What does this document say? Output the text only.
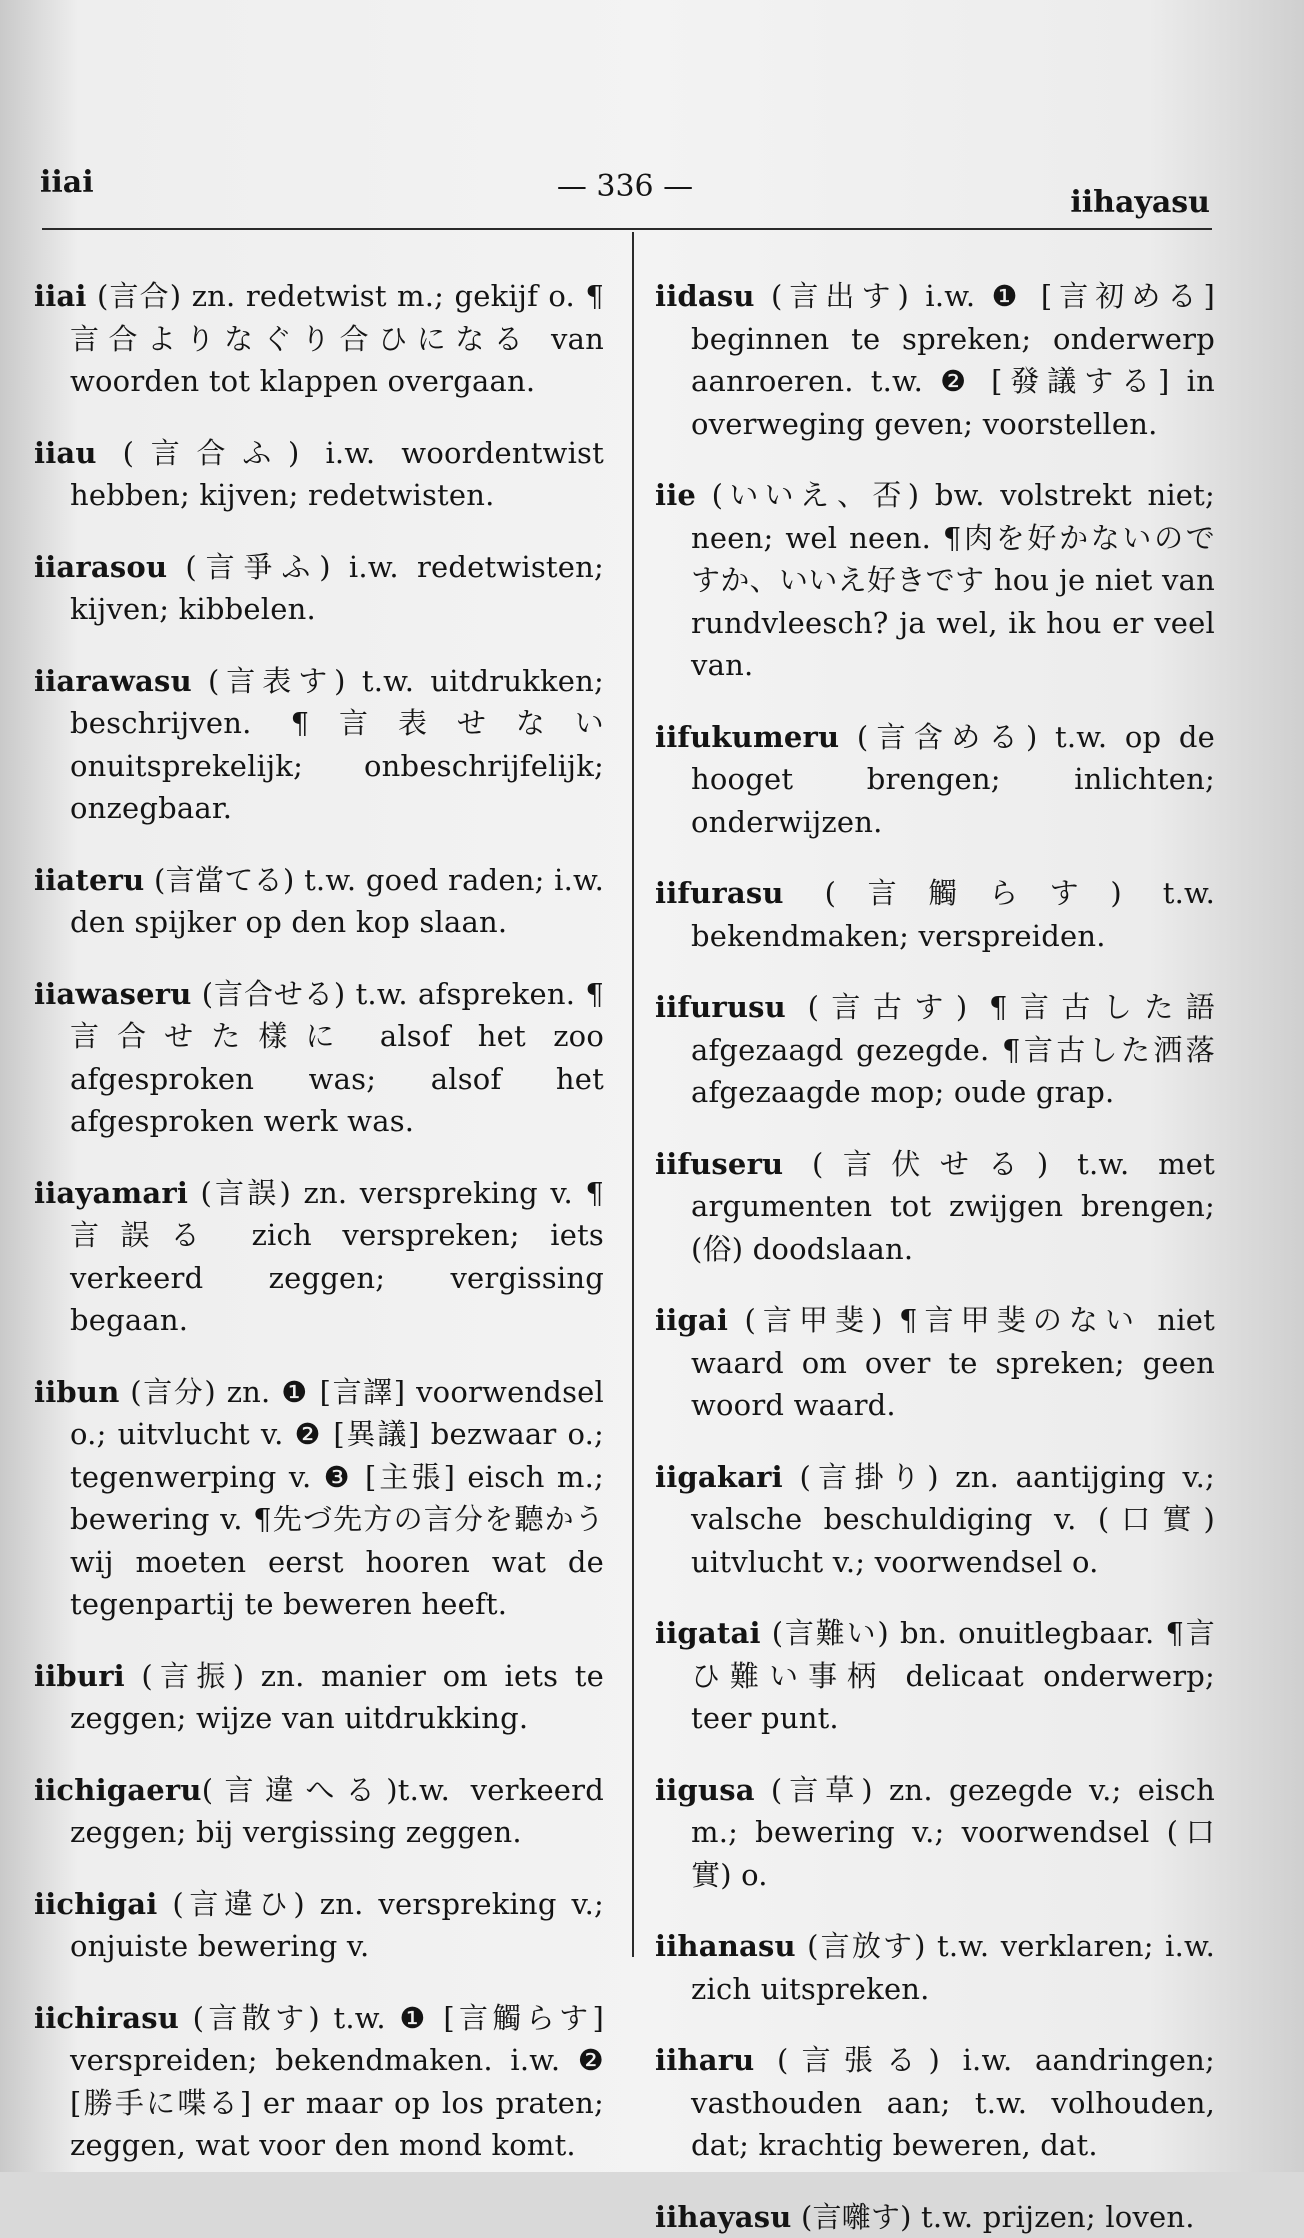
iiai	— 336 —	iihayasu

iiai (言合) zn. redetwist m.; gekijf o. ¶言合よりなぐり合ひになる van woorden tot klappen overgaan.

iiau (言合ふ) i.w. woordentwist hebben; kijven; redetwisten.

iiarasou (言爭ふ) i.w. redetwisten; kijven; kibbelen.

iiarawasu (言表す) t.w. uitdrukken; beschrijven. ¶言表せない onuitsprekelijk; onbeschrijfelijk; onzegbaar.

iiateru (言當てる) t.w. goed raden; i.w. den spijker op den kop slaan.

iiawaseru (言合せる) t.w. afspreken. ¶言合せた樣に alsof het zoo afgesproken was; alsof het afgesproken werk was.

iiayamari (言誤) zn. verspreking v. ¶言誤る zich verspreken; iets verkeerd zeggen; vergissing begaan.

iibun (言分) zn. ❶ [言譯] voorwendsel o.; uitvlucht v. ❷ [異議] bezwaar o.; tegenwerping v. ❸ [主張] eisch m.; bewering v. ¶先づ先方の言分を聽かう wij moeten eerst hooren wat de tegenpartij te beweren heeft.

iiburi (言振) zn. manier om iets te zeggen; wijze van uitdrukking.

iichigaeru(言違へる)t.w. verkeerd zeggen; bij vergissing zeggen.

iichigai (言違ひ) zn. verspreking v.; onjuiste bewering v.

iichirasu (言散す) t.w. ❶ [言觸らす] verspreiden; bekendmaken. i.w. ❷ [勝手に喋る] er maar op los praten; zeggen, wat voor den mond komt.

iidasu (言出す) i.w. ❶ [言初める] beginnen te spreken; onderwerp aanroeren. t.w. ❷ [發議する] in overweging geven; voorstellen.

iie (いいえ、否) bw. volstrekt niet; neen; wel neen. ¶肉を好かないのですか、いいえ好きです hou je niet van rundvleesch? ja wel, ik hou er veel van.

iifukumeru (言含める) t.w. op de hooget brengen; inlichten; onderwijzen.

iifurasu (言觸らす) t.w. bekendmaken; verspreiden.

iifurusu (言古す) ¶言古した語 afgezaagd gezegde. ¶言古した洒落 afgezaagde mop; oude grap.

iifuseru (言伏せる) t.w. met argumenten tot zwijgen brengen; (俗) doodslaan.

iigai (言甲斐) ¶言甲斐のない niet waard om over te spreken; geen woord waard.

iigakari (言掛り) zn. aantijging v.; valsche beschuldiging v. (口實) uitvlucht v.; voorwendsel o.

iigatai (言難い) bn. onuitlegbaar. ¶言ひ難い事柄 delicaat onderwerp; teer punt.

iigusa (言草) zn. gezegde v.; eisch m.; bewering v.; voorwendsel (口實) o.

iihanasu (言放す) t.w. verklaren; i.w. zich uitspreken.

iiharu (言張る) i.w. aandringen; vasthouden aan; t.w. volhouden, dat; krachtig beweren, dat.

iihayasu (言囃す) t.w. prijzen; loven.
